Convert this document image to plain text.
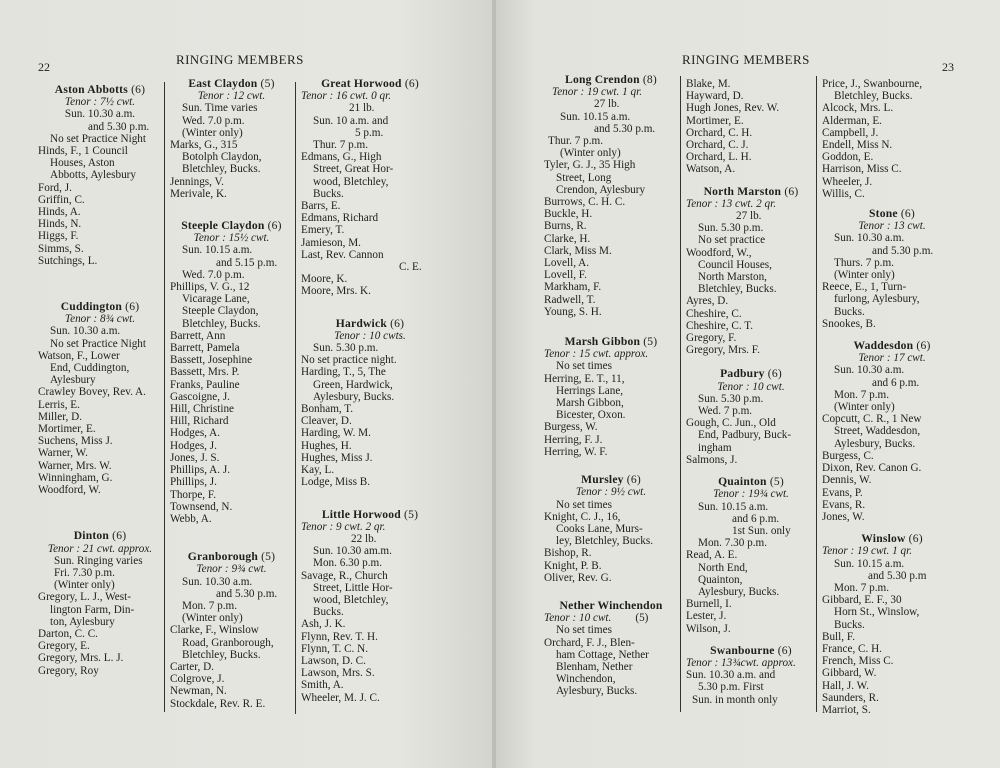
22	RINGING MEMBERS
Aston Abbotts (6)
Tenor : 7½ cwt.
Sun. 10.30 a.m.
and 5.30 p.m.
No set Practice Night
Hinds, F., 1 Council
Houses, Aston
Abbotts, Aylesbury
Ford, J.
Griffin, C.
Hinds, A.
Hinds, N.
Higgs, F.
Simms, S.
Sutchings, L.
Cuddington (6)
Tenor : 8¾ cwt.
Sun. 10.30 a.m.
No set Practice Night
Watson, F., Lower
End, Cuddington,
Aylesbury
Crawley Bovey, Rev. A.
Lerris, E.
Miller, D.
Mortimer, E.
Suchens, Miss J.
Warner, W.
Warner, Mrs. W.
Winningham, G.
Woodford, W.
Dinton (6)
Tenor : 21 cwt. approx.
Sun. Ringing varies
Fri. 7.30 p.m.
(Winter only)
Gregory, L. J., West-
lington Farm, Din-
ton, Aylesbury
Darton, C. C.
Gregory, E.
Gregory, Mrs. L. J.
Gregory, Roy
East Claydon (5)
Tenor : 12 cwt.
Sun. Time varies
Wed. 7.0 p.m.
(Winter only)
Marks, G., 315
Botolph Claydon,
Bletchley, Bucks.
Jennings, V.
Merivale, K.
Steeple Claydon (6)
Tenor : 15½ cwt.
Sun. 10.15 a.m.
and 5.15 p.m.
Wed. 7.0 p.m.
Phillips, V. G., 12
Vicarage Lane,
Steeple Claydon,
Bletchley, Bucks.
Barrett, Ann
Barrett, Pamela
Bassett, Josephine
Bassett, Mrs. P.
Franks, Pauline
Gascoigne, J.
Hill, Christine
Hill, Richard
Hodges, A.
Hodges, J.
Jones, J. S.
Phillips, A. J.
Phillips, J.
Thorpe, F.
Townsend, N.
Webb, A.
Granborough (5)
Tenor : 9¾ cwt.
Sun. 10.30 a.m.
and 5.30 p.m.
Mon. 7 p.m.
(Winter only)
Clarke, F., Winslow
Road, Granborough,
Bletchley, Bucks.
Carter, D.
Colgrove, J.
Newman, N.
Stockdale, Rev. R. E.
Great Horwood (6)
Tenor : 16 cwt. 0 qr.
21 lb.
Sun. 10 a.m. and
5 p.m.
Thur. 7 p.m.
Edmans, G., High
Street, Great Hor-
wood, Bletchley,
Bucks.
Barrs, E.
Edmans, Richard
Emery, T.
Jamieson, M.
Last, Rev. Cannon
C. E.
Moore, K.
Moore, Mrs. K.
Hardwick (6)
Tenor : 10 cwts.
Sun. 5.30 p.m.
No set practice night.
Harding, T., 5, The
Green, Hardwick,
Aylesbury, Bucks.
Bonham, T.
Cleaver, D.
Harding, W. M.
Hughes, H.
Hughes, Miss J.
Kay, L.
Lodge, Miss B.
Little Horwood (5)
Tenor : 9 cwt. 2 qr.
22 lb.
Sun. 10.30 am.m.
Mon. 6.30 p.m.
Savage, R., Church
Street, Little Hor-
wood, Bletchley,
Bucks.
Ash, J. K.
Flynn, Rev. T. H.
Flynn, T. C. N.
Lawson, D. C.
Lawson, Mrs. S.
Smith, A.
Wheeler, M. J. C.
RINGING MEMBERS	23
Long Crendon (8)
Tenor : 19 cwt. 1 qr.
27 lb.
Sun. 10.15 a.m.
and 5.30 p.m.
Thur. 7 p.m.
(Winter only)
Tyler, G. J., 35 High
Street, Long
Crendon, Aylesbury
Burrows, C. H. C.
Buckle, H.
Burns, R.
Clarke, H.
Clark, Miss M.
Lovell, A.
Lovell, F.
Markham, F.
Radwell, T.
Young, S. H.
Marsh Gibbon (5)
Tenor : 15 cwt. approx.
No set times
Herring, E. T., 11,
Herrings Lane,
Marsh Gibbon,
Bicester, Oxon.
Burgess, W.
Herring, F. J.
Herring, W. F.
Mursley (6)
Tenor : 9½ cwt.
No set times
Knight, C. J., 16,
Cooks Lane, Murs-
ley, Bletchley, Bucks.
Bishop, R.
Knight, P. B.
Oliver, Rev. G.
Nether Winchendon
Tenor : 10 cwt. (5)
No set times
Orchard, F. J., Blen-
ham Cottage, Nether
Blenham, Nether
Winchendon,
Aylesbury, Bucks.
Blake, M.
Hayward, D.
Hugh Jones, Rev. W.
Mortimer, E.
Orchard, C. H.
Orchard, C. J.
Orchard, L. H.
Watson, A.
North Marston (6)
Tenor : 13 cwt. 2 qr.
27 lb.
Sun. 5.30 p.m.
No set practice
Woodford, W.,
Council Houses,
North Marston,
Bletchley, Bucks.
Ayres, D.
Cheshire, C.
Cheshire, C. T.
Gregory, F.
Gregory, Mrs. F.
Padbury (6)
Tenor : 10 cwt.
Sun. 5.30 p.m.
Wed. 7 p.m.
Gough, C. Jun., Old
End, Padbury, Buck-
ingham
Salmons, J.
Quainton (5)
Tenor : 19¾ cwt.
Sun. 10.15 a.m.
and 6 p.m.
1st Sun. only
Mon. 7.30 p.m.
Read, A. E.
North End,
Quainton,
Aylesbury, Bucks.
Burnell, I.
Lester, J.
Wilson, J.
Swanbourne (6)
Tenor : 13¾cwt. approx.
Sun. 10.30 a.m. and
5.30 p.m. First
Sun. in month only
Price, J., Swanbourne,
Bletchley, Bucks.
Alcock, Mrs. L.
Alderman, E.
Campbell, J.
Endell, Miss N.
Goddon, E.
Harrison, Miss C.
Wheeler, J.
Willis, C.
Stone (6)
Tenor : 13 cwt.
Sun. 10.30 a.m.
and 5.30 p.m.
Thurs. 7 p.m.
(Winter only)
Reece, E., 1, Turn-
furlong, Aylesbury,
Bucks.
Snookes, B.
Waddesdon (6)
Tenor : 17 cwt.
Sun. 10.30 a.m.
and 6 p.m.
Mon. 7 p.m.
(Winter only)
Copcutt, C. R., 1 New
Street, Waddesdon,
Aylesbury, Bucks.
Burgess, C.
Dixon, Rev. Canon G.
Dennis, W.
Evans, P.
Evans, R.
Jones, W.
Winslow (6)
Tenor : 19 cwt. 1 qr.
Sun. 10.15 a.m.
and 5.30 p.m
Mon. 7 p.m.
Gibbard, E. F., 30
Horn St., Winslow,
Bucks.
Bull, F.
France, C. H.
French, Miss C.
Gibbard, W.
Hall, J. W.
Saunders, R.
Marriot, S.
